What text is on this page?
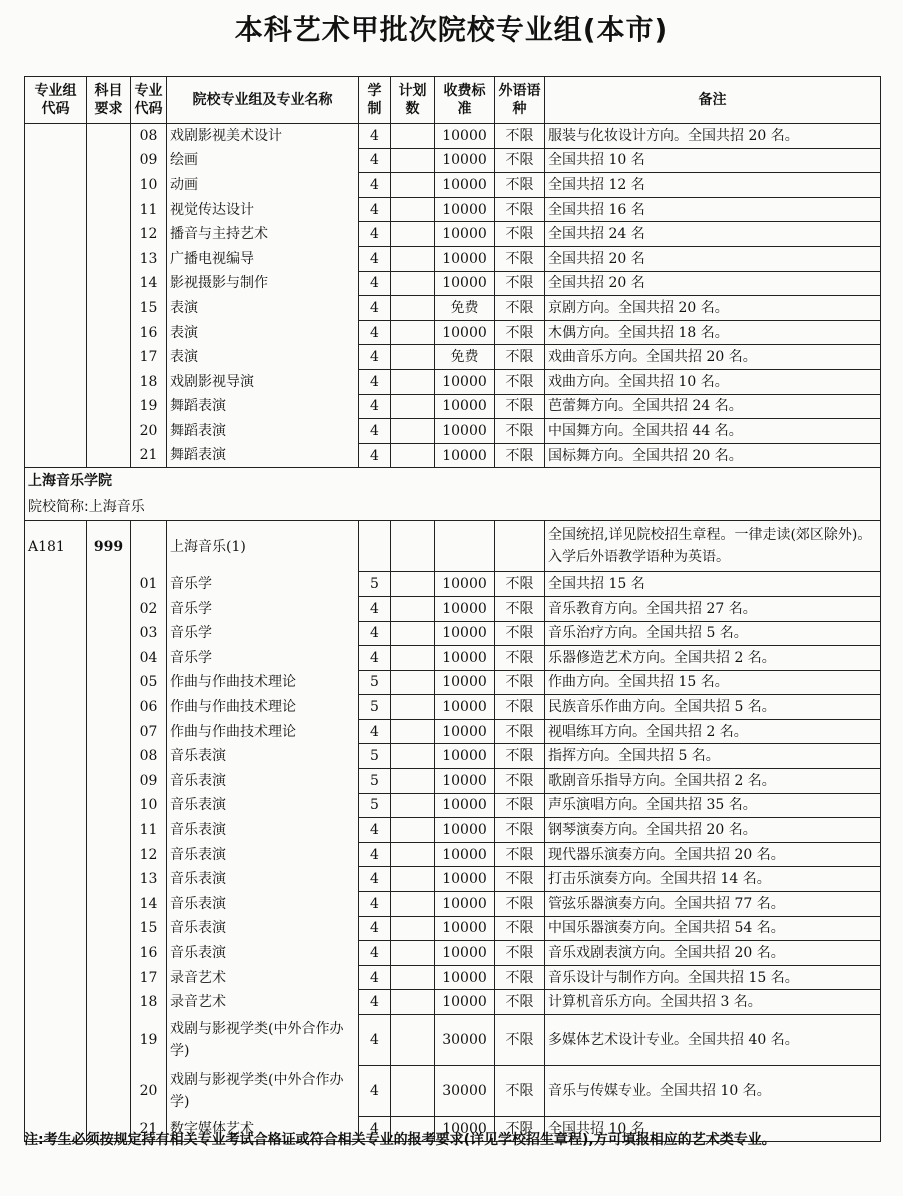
本科艺术甲批次院校专业组(本市)
专业组代码	科目要求	专业代码	院校专业组及专业名称	学制	计划数	收费标准	外语语种	备注
		08	戏剧影视美术设计	4		10000	不限	服装与化妆设计方向。全国共招 20 名。
		09	绘画	4		10000	不限	全国共招 10 名
		10	动画	4		10000	不限	全国共招 12 名
		11	视觉传达设计	4		10000	不限	全国共招 16 名
		12	播音与主持艺术	4		10000	不限	全国共招 24 名
		13	广播电视编导	4		10000	不限	全国共招 20 名
		14	影视摄影与制作	4		10000	不限	全国共招 20 名
		15	表演	4		免费	不限	京剧方向。全国共招 20 名。
		16	表演	4		10000	不限	木偶方向。全国共招 18 名。
		17	表演	4		免费	不限	戏曲音乐方向。全国共招 20 名。
		18	戏剧影视导演	4		10000	不限	戏曲方向。全国共招 10 名。
		19	舞蹈表演	4		10000	不限	芭蕾舞方向。全国共招 24 名。
		20	舞蹈表演	4		10000	不限	中国舞方向。全国共招 44 名。
		21	舞蹈表演	4		10000	不限	国标舞方向。全国共招 20 名。
上海音乐学院								
院校简称:上海音乐								
A181	999		上海音乐(1)					全国统招,详见院校招生章程。一律走读(郊区除外)。入学后外语教学语种为英语。
		01	音乐学	5		10000	不限	全国共招 15 名
		02	音乐学	4		10000	不限	音乐教育方向。全国共招 27 名。
		03	音乐学	4		10000	不限	音乐治疗方向。全国共招 5 名。
		04	音乐学	4		10000	不限	乐器修造艺术方向。全国共招 2 名。
		05	作曲与作曲技术理论	5		10000	不限	作曲方向。全国共招 15 名。
		06	作曲与作曲技术理论	5		10000	不限	民族音乐作曲方向。全国共招 5 名。
		07	作曲与作曲技术理论	4		10000	不限	视唱练耳方向。全国共招 2 名。
		08	音乐表演	5		10000	不限	指挥方向。全国共招 5 名。
		09	音乐表演	5		10000	不限	歌剧音乐指导方向。全国共招 2 名。
		10	音乐表演	5		10000	不限	声乐演唱方向。全国共招 35 名。
		11	音乐表演	4		10000	不限	钢琴演奏方向。全国共招 20 名。
		12	音乐表演	4		10000	不限	现代器乐演奏方向。全国共招 20 名。
		13	音乐表演	4		10000	不限	打击乐演奏方向。全国共招 14 名。
		14	音乐表演	4		10000	不限	管弦乐器演奏方向。全国共招 77 名。
		15	音乐表演	4		10000	不限	中国乐器演奏方向。全国共招 54 名。
		16	音乐表演	4		10000	不限	音乐戏剧表演方向。全国共招 20 名。
		17	录音艺术	4		10000	不限	音乐设计与制作方向。全国共招 15 名。
		18	录音艺术	4		10000	不限	计算机音乐方向。全国共招 3 名。
		19	戏剧与影视学类(中外合作办学)	4		30000	不限	多媒体艺术设计专业。全国共招 40 名。
		20	戏剧与影视学类(中外合作办学)	4		30000	不限	音乐与传媒专业。全国共招 10 名。
		21	数字媒体艺术	4		10000	不限	全国共招 10 名
注:考生必须按规定持有相关专业考试合格证或符合相关专业的报考要求(详见学校招生章程),方可填报相应的艺术类专业。
